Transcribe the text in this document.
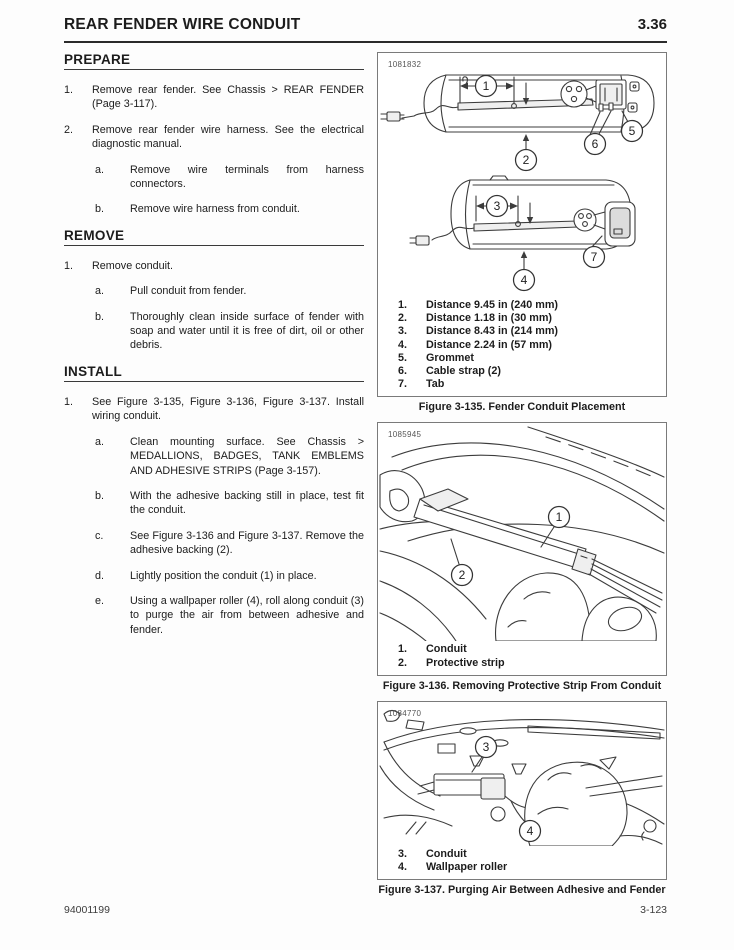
REAR FENDER WIRE CONDUIT	3.36
PREPARE
1.	Remove rear fender. See Chassis > REAR FENDER (Page 3-117).
2.	Remove rear fender wire harness. See the electrical diagnostic manual.
a.	Remove wire terminals from harness connectors.
b.	Remove wire harness from conduit.
REMOVE
1.	Remove conduit.
a.	Pull conduit from fender.
b.	Thoroughly clean inside surface of fender with soap and water until it is free of dirt, oil or other debris.
INSTALL
1.	See Figure 3-135, Figure 3-136, Figure 3-137. Install wiring conduit.
a.	Clean mounting surface. See Chassis > MEDALLIONS, BADGES, TANK EMBLEMS AND ADHESIVE STRIPS (Page 3-157).
b.	With the adhesive backing still in place, test fit the conduit.
c.	See Figure 3-136 and Figure 3-137. Remove the adhesive backing (2).
d.	Lightly position the conduit (1) in place.
e.	Using a wallpaper roller (4), roll along conduit (3) to purge the air from between adhesive and fender.
1081832
1
2
5
6
3
7
4
1.	Distance 9.45 in (240 mm)
2.	Distance 1.18 in (30 mm)
3.	Distance 8.43 in (214 mm)
4.	Distance 2.24 in (57 mm)
5.	Grommet
6.	Cable strap (2)
7.	Tab
Figure 3-135. Fender Conduit Placement
1085945
1
2
1.	Conduit
2.	Protective strip
Figure 3-136. Removing Protective Strip From Conduit
1084770
3
4
3.	Conduit
4.	Wallpaper roller
Figure 3-137. Purging Air Between Adhesive and Fender
94001199	3-123
